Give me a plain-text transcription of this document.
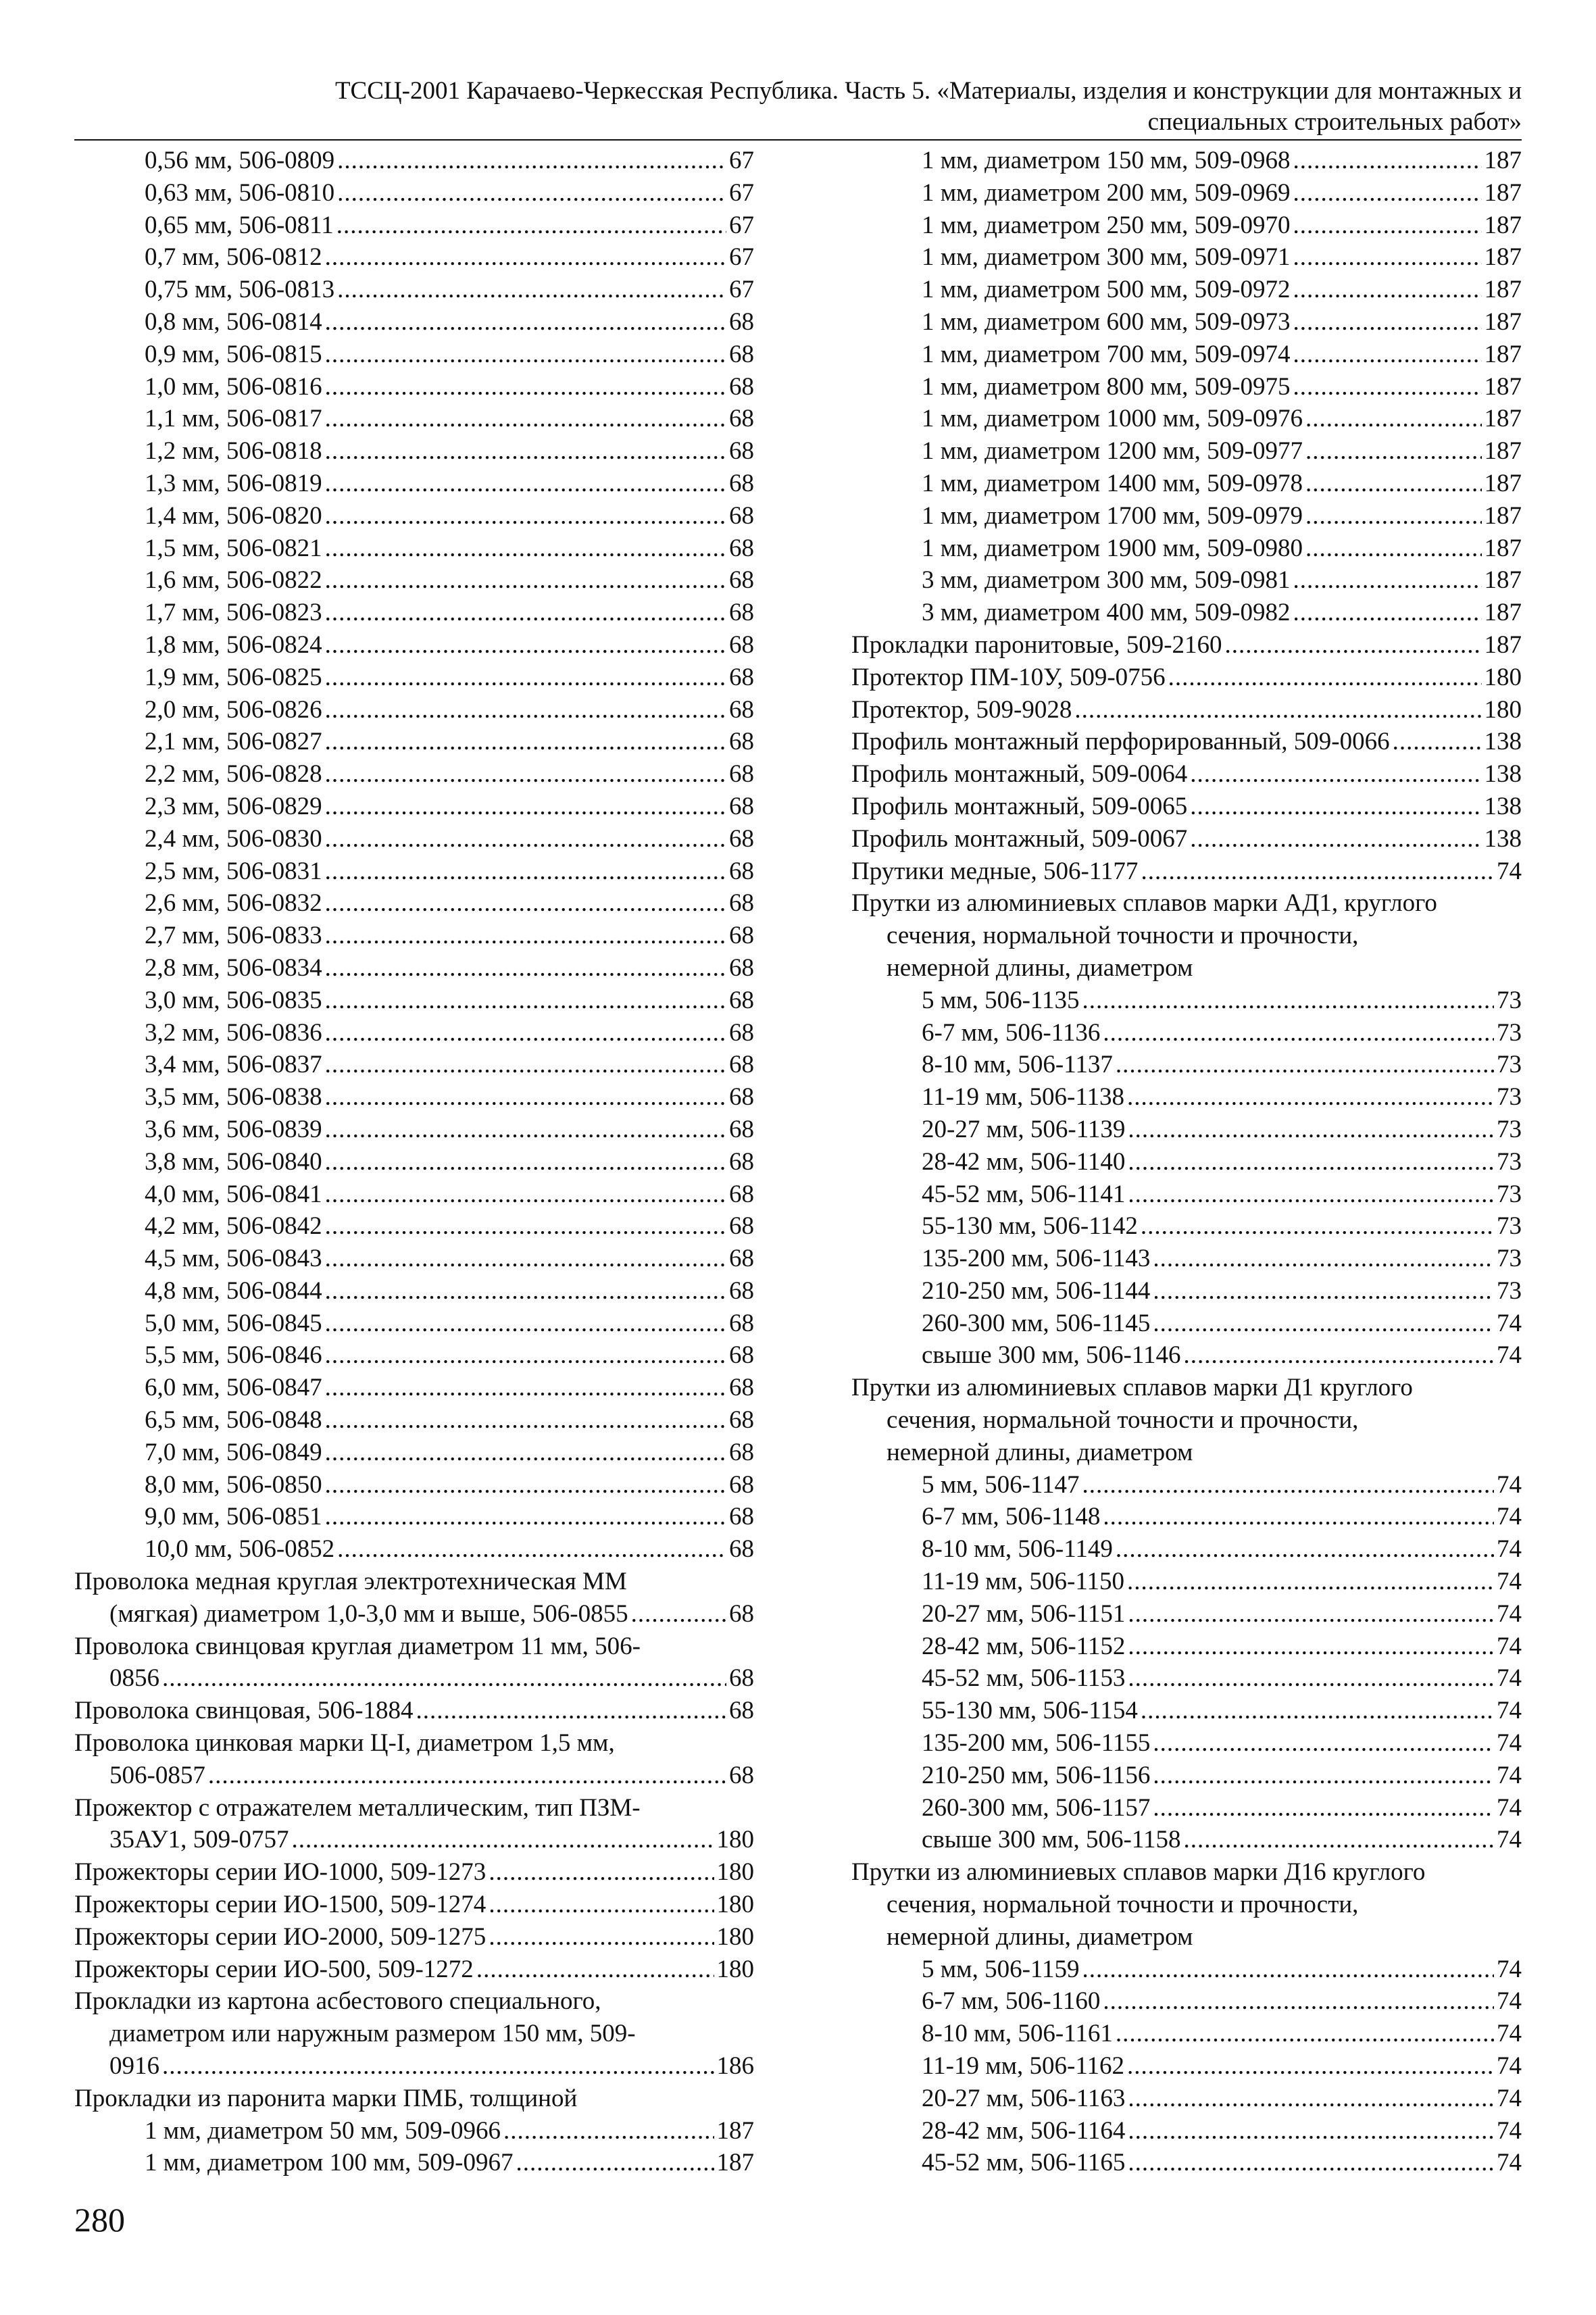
ТССЦ-2001 Карачаево-Черкесская Республика. Часть 5. «Материалы, изделия и конструкции для монтажных и
специальных строительных работ»
0,56 мм, 506-0809 .....	67
0,63 мм, 506-0810 .....	67
0,65 мм, 506-0811 .....	67
0,7 мм, 506-0812 .....	67
0,75 мм, 506-0813 .....	67
0,8 мм, 506-0814 .....	68
0,9 мм, 506-0815 .....	68
1,0 мм, 506-0816 .....	68
1,1 мм, 506-0817 .....	68
1,2 мм, 506-0818 .....	68
1,3 мм, 506-0819 .....	68
1,4 мм, 506-0820 .....	68
1,5 мм, 506-0821 .....	68
1,6 мм, 506-0822 .....	68
1,7 мм, 506-0823 .....	68
1,8 мм, 506-0824 .....	68
1,9 мм, 506-0825 .....	68
2,0 мм, 506-0826 .....	68
2,1 мм, 506-0827 .....	68
2,2 мм, 506-0828 .....	68
2,3 мм, 506-0829 .....	68
2,4 мм, 506-0830 .....	68
2,5 мм, 506-0831 .....	68
2,6 мм, 506-0832 .....	68
2,7 мм, 506-0833 .....	68
2,8 мм, 506-0834 .....	68
3,0 мм, 506-0835 .....	68
3,2 мм, 506-0836 .....	68
3,4 мм, 506-0837 .....	68
3,5 мм, 506-0838 .....	68
3,6 мм, 506-0839 .....	68
3,8 мм, 506-0840 .....	68
4,0 мм, 506-0841 .....	68
4,2 мм, 506-0842 .....	68
4,5 мм, 506-0843 .....	68
4,8 мм, 506-0844 .....	68
5,0 мм, 506-0845 .....	68
5,5 мм, 506-0846 .....	68
6,0 мм, 506-0847 .....	68
6,5 мм, 506-0848 .....	68
7,0 мм, 506-0849 .....	68
8,0 мм, 506-0850 .....	68
9,0 мм, 506-0851 .....	68
10,0 мм, 506-0852 .....	68
Проволока медная круглая электротехническая ММ
(мягкая) диаметром 1,0-3,0 мм и выше, 506-0855 .....	68
Проволока свинцовая круглая диаметром 11 мм, 506-
0856 .....	68
Проволока свинцовая, 506-1884 .....	68
Проволока цинковая марки Ц-I, диаметром 1,5 мм,
506-0857 .....	68
Прожектор с отражателем металлическим, тип ПЗМ-
35АУ1, 509-0757 .....	180
Прожекторы серии ИО-1000, 509-1273 .....	180
Прожекторы серии ИО-1500, 509-1274 .....	180
Прожекторы серии ИО-2000, 509-1275 .....	180
Прожекторы серии ИО-500, 509-1272 .....	180
Прокладки из картона асбестового специального,
диаметром или наружным размером 150 мм, 509-
0916 .....	186
Прокладки из паронита марки ПМБ, толщиной
1 мм, диаметром 50 мм, 509-0966 .....	187
1 мм, диаметром 100 мм, 509-0967 .....	187
1 мм, диаметром 150 мм, 509-0968 .....	187
1 мм, диаметром 200 мм, 509-0969 .....	187
1 мм, диаметром 250 мм, 509-0970 .....	187
1 мм, диаметром 300 мм, 509-0971 .....	187
1 мм, диаметром 500 мм, 509-0972 .....	187
1 мм, диаметром 600 мм, 509-0973 .....	187
1 мм, диаметром 700 мм, 509-0974 .....	187
1 мм, диаметром 800 мм, 509-0975 .....	187
1 мм, диаметром 1000 мм, 509-0976 .....	187
1 мм, диаметром 1200 мм, 509-0977 .....	187
1 мм, диаметром 1400 мм, 509-0978 .....	187
1 мм, диаметром 1700 мм, 509-0979 .....	187
1 мм, диаметром 1900 мм, 509-0980 .....	187
3 мм, диаметром 300 мм, 509-0981 .....	187
3 мм, диаметром 400 мм, 509-0982 .....	187
Прокладки паронитовые, 509-2160 .....	187
Протектор ПМ-10У, 509-0756 .....	180
Протектор, 509-9028 .....	180
Профиль монтажный перфорированный, 509-0066 .....	138
Профиль монтажный, 509-0064 .....	138
Профиль монтажный, 509-0065 .....	138
Профиль монтажный, 509-0067 .....	138
Прутики медные, 506-1177 .....	74
Прутки из алюминиевых сплавов марки АД1, круглого
сечения, нормальной точности и прочности,
немерной длины, диаметром
5 мм, 506-1135 .....	73
6-7 мм, 506-1136 .....	73
8-10 мм, 506-1137 .....	73
11-19 мм, 506-1138 .....	73
20-27 мм, 506-1139 .....	73
28-42 мм, 506-1140 .....	73
45-52 мм, 506-1141 .....	73
55-130 мм, 506-1142 .....	73
135-200 мм, 506-1143 .....	73
210-250 мм, 506-1144 .....	73
260-300 мм, 506-1145 .....	74
свыше 300 мм, 506-1146 .....	74
Прутки из алюминиевых сплавов марки Д1 круглого
сечения, нормальной точности и прочности,
немерной длины, диаметром
5 мм, 506-1147 .....	74
6-7 мм, 506-1148 .....	74
8-10 мм, 506-1149 .....	74
11-19 мм, 506-1150 .....	74
20-27 мм, 506-1151 .....	74
28-42 мм, 506-1152 .....	74
45-52 мм, 506-1153 .....	74
55-130 мм, 506-1154 .....	74
135-200 мм, 506-1155 .....	74
210-250 мм, 506-1156 .....	74
260-300 мм, 506-1157 .....	74
свыше 300 мм, 506-1158 .....	74
Прутки из алюминиевых сплавов марки Д16 круглого
сечения, нормальной точности и прочности,
немерной длины, диаметром
5 мм, 506-1159 .....	74
6-7 мм, 506-1160 .....	74
8-10 мм, 506-1161 .....	74
11-19 мм, 506-1162 .....	74
20-27 мм, 506-1163 .....	74
28-42 мм, 506-1164 .....	74
45-52 мм, 506-1165 .....	74
280
